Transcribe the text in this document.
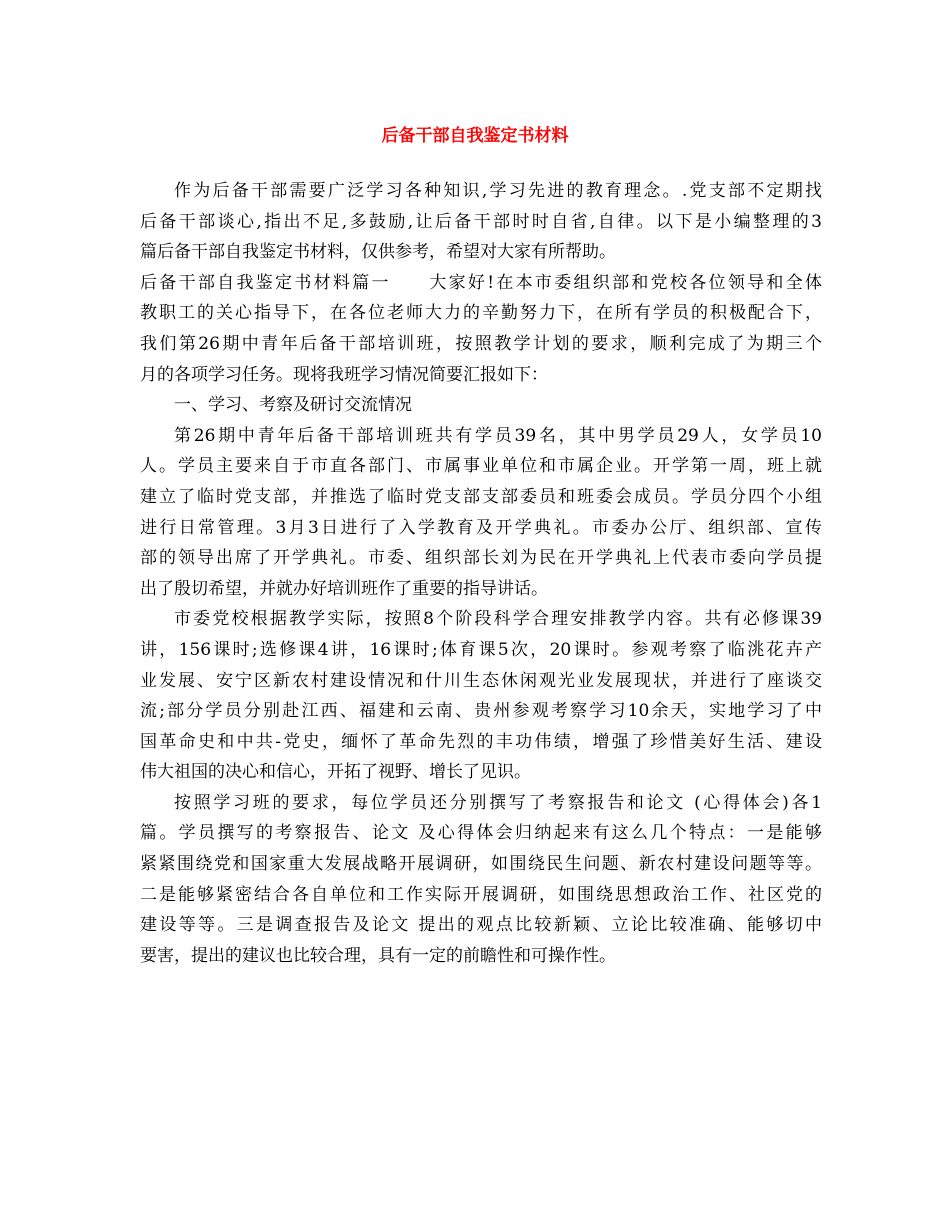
后备干部自我鉴定书材料
作为后备干部需要广泛学习各种知识,学习先进的教育理念。.党支部不定期找
后备干部谈心,指出不足,多鼓励,让后备干部时时自省,自律。以下是小编整理的3
篇后备干部自我鉴定书材料，仅供参考，希望对大家有所帮助。
后备干部自我鉴定书材料篇一　　大家好!在本市委组织部和党校各位领导和全体
教职工的关心指导下，在各位老师大力的辛勤努力下，在所有学员的积极配合下，
我们第26期中青年后备干部培训班，按照教学计划的要求，顺利完成了为期三个
月的各项学习任务。现将我班学习情况简要汇报如下：
一、学习、考察及研讨交流情况
第26期中青年后备干部培训班共有学员39名，其中男学员29人，女学员10
人。学员主要来自于市直各部门、市属事业单位和市属企业。开学第一周，班上就
建立了临时党支部，并推选了临时党支部支部委员和班委会成员。学员分四个小组
进行日常管理。3月3日进行了入学教育及开学典礼。市委办公厅、组织部、宣传
部的领导出席了开学典礼。市委、组织部长刘为民在开学典礼上代表市委向学员提
出了殷切希望，并就办好培训班作了重要的指导讲话。
市委党校根据教学实际，按照8个阶段科学合理安排教学内容。共有必修课39
讲，156课时;选修课4讲，16课时;体育课5次，20课时。参观考察了临洮花卉产
业发展、安宁区新农村建设情况和什川生态休闲观光业发展现状，并进行了座谈交
流;部分学员分别赴江西、福建和云南、贵州参观考察学习10余天，实地学习了中
国革命史和中共-党史，缅怀了革命先烈的丰功伟绩，增强了珍惜美好生活、建设
伟大祖国的决心和信心，开拓了视野、增长了见识。
按照学习班的要求，每位学员还分别撰写了考察报告和论文 (心得体会)各1
篇。学员撰写的考察报告、论文 及心得体会归纳起来有这么几个特点：一是能够
紧紧围绕党和国家重大发展战略开展调研，如围绕民生问题、新农村建设问题等等。
二是能够紧密结合各自单位和工作实际开展调研，如围绕思想政治工作、社区党的
建设等等。三是调查报告及论文 提出的观点比较新颖、立论比较准确、能够切中
要害，提出的建议也比较合理，具有一定的前瞻性和可操作性。
